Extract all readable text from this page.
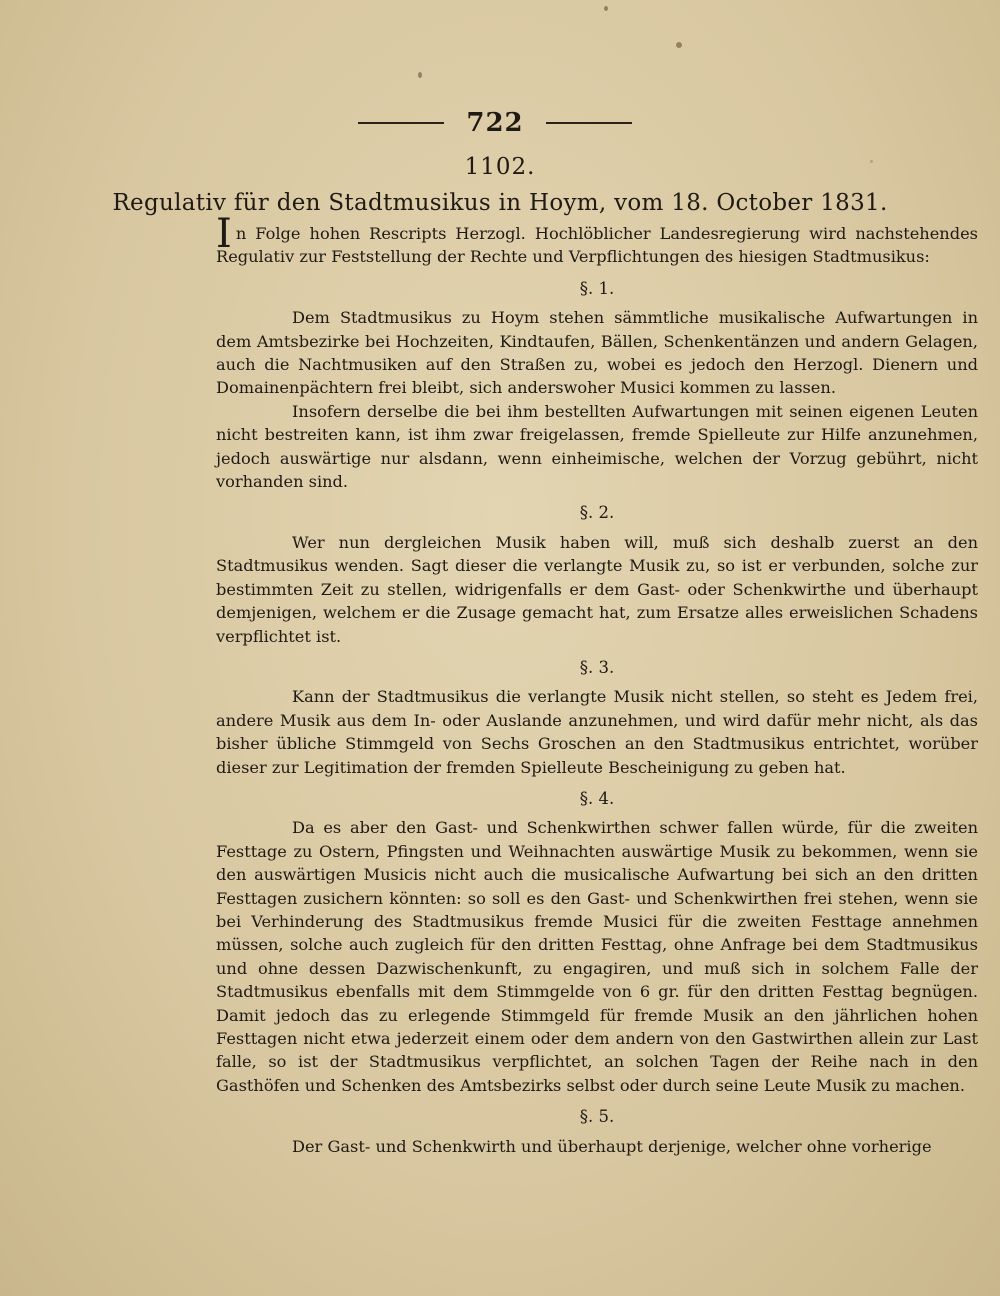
722
1102.
Regulativ für den Stadtmusikus in Hoym, vom 18. October 1831.

In Folge hohen Rescripts Herzogl. Hochlöblicher Landesregierung wird nachstehendes Regulativ zur Feststellung der Rechte und Verpflichtungen des hiesigen Stadtmusikus:

§. 1.

Dem Stadtmusikus zu Hoym stehen sämmtliche musikalische Aufwartungen in dem Amtsbezirke bei Hochzeiten, Kindtaufen, Bällen, Schenkentänzen und andern Gelagen, auch die Nachtmusiken auf den Straßen zu, wobei es jedoch den Herzogl. Dienern und Domainenpächtern frei bleibt, sich anderswoher Musici kommen zu lassen.

Insofern derselbe die bei ihm bestellten Aufwartungen mit seinen eigenen Leuten nicht bestreiten kann, ist ihm zwar freigelassen, fremde Spielleute zur Hilfe anzunehmen, jedoch auswärtige nur alsdann, wenn einheimische, welchen der Vorzug gebührt, nicht vorhanden sind.

§. 2.

Wer nun dergleichen Musik haben will, muß sich deshalb zuerst an den Stadtmusikus wenden. Sagt dieser die verlangte Musik zu, so ist er verbunden, solche zur bestimmten Zeit zu stellen, widrigenfalls er dem Gast- oder Schenkwirthe und überhaupt demjenigen, welchem er die Zusage gemacht hat, zum Ersatze alles erweislichen Schadens verpflichtet ist.

§. 3.

Kann der Stadtmusikus die verlangte Musik nicht stellen, so steht es Jedem frei, andere Musik aus dem In- oder Auslande anzunehmen, und wird dafür mehr nicht, als das bisher übliche Stimmgeld von Sechs Groschen an den Stadtmusikus entrichtet, worüber dieser zur Legitimation der fremden Spielleute Bescheinigung zu geben hat.

§. 4.

Da es aber den Gast- und Schenkwirthen schwer fallen würde, für die zweiten Festtage zu Ostern, Pfingsten und Weihnachten auswärtige Musik zu bekommen, wenn sie den auswärtigen Musicis nicht auch die musicalische Aufwartung bei sich an den dritten Festtagen zusichern könnten: so soll es den Gast- und Schenkwirthen frei stehen, wenn sie bei Verhinderung des Stadtmusikus fremde Musici für die zweiten Festtage annehmen müssen, solche auch zugleich für den dritten Festtag, ohne Anfrage bei dem Stadtmusikus und ohne dessen Dazwischenkunft, zu engagiren, und muß sich in solchem Falle der Stadtmusikus ebenfalls mit dem Stimmgelde von 6 gr. für den dritten Festtag begnügen. Damit jedoch das zu erlegende Stimmgeld für fremde Musik an den jährlichen hohen Festtagen nicht etwa jederzeit einem oder dem andern von den Gastwirthen allein zur Last falle, so ist der Stadtmusikus verpflichtet, an solchen Tagen der Reihe nach in den Gasthöfen und Schenken des Amtsbezirks selbst oder durch seine Leute Musik zu machen.

§. 5.

Der Gast- und Schenkwirth und überhaupt derjenige, welcher ohne vorherige
